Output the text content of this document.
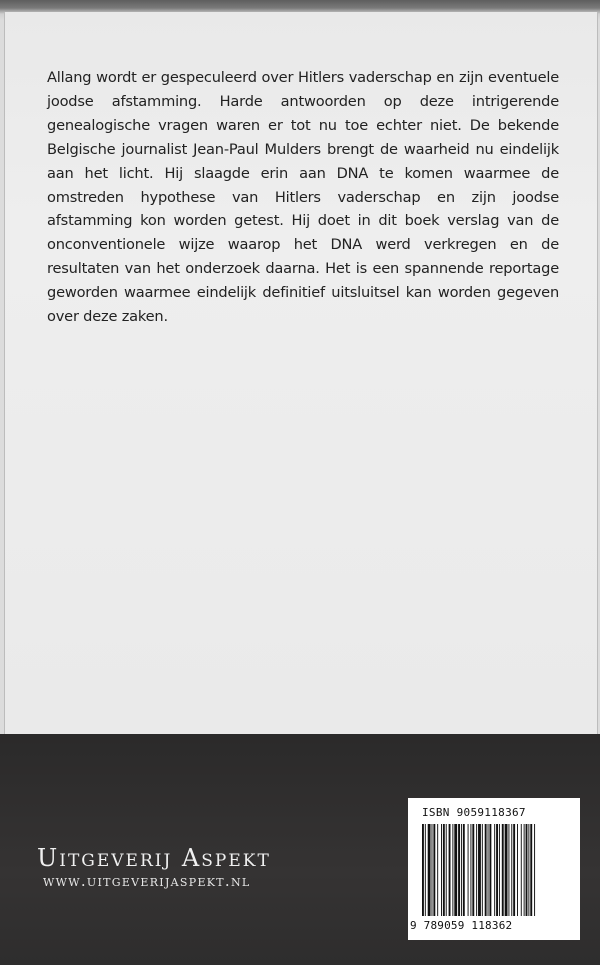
Allang wordt er gespeculeerd over Hitlers vaderschap en zijn eventuele joodse afstamming. Harde antwoorden op deze intrigerende genealogische vragen waren er tot nu toe echter niet. De bekende Belgische journalist Jean-Paul Mulders brengt de waarheid nu eindelijk aan het licht. Hij slaagde erin aan DNA te komen waarmee de omstreden hypothese van Hitlers vaderschap en zijn joodse afstamming kon worden getest. Hij doet in dit boek verslag van de onconventionele wijze waarop het DNA werd verkregen en de resultaten van het onderzoek daarna. Het is een spannende reportage geworden waarmee eindelijk definitief uitsluitsel kan worden gegeven over deze zaken.
Uitgeverij Aspekt
www.uitgeverijaspekt.nl
ISBN 9059118367
9 789059 118362
